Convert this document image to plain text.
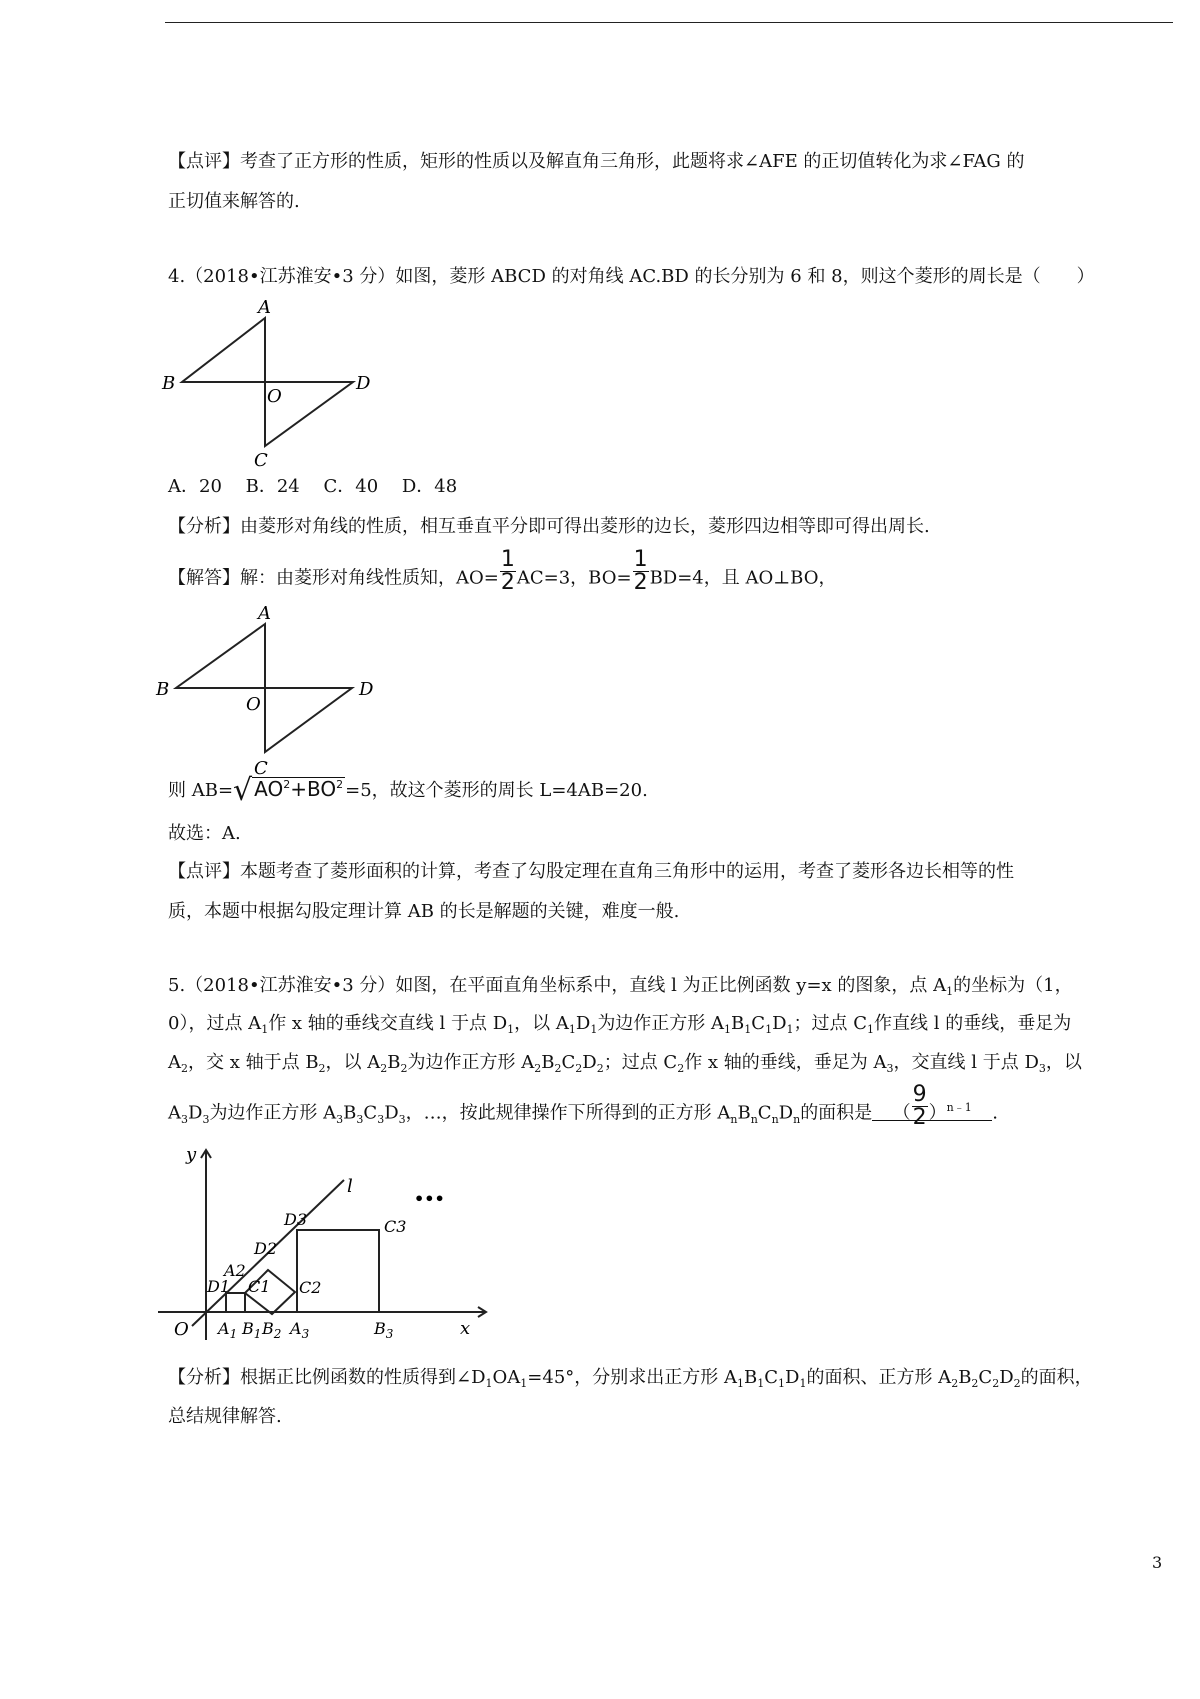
【点评】考查了正方形的性质，矩形的性质以及解直角三角形，此题将求∠AFE 的正切值转化为求∠FAG 的
正切值来解答的.
4.（2018•江苏淮安•3 分）如图，菱形 ABCD 的对角线 AC.BD 的长分别为 6 和 8，则这个菱形的周长是（　　）
A
B	D
O
C
A．20　 B．24　 C．40　 D．48
【分析】由菱形对角线的性质，相互垂直平分即可得出菱形的边长，菱形四边相等即可得出周长.
【解答】解：由菱形对角线性质知，$AO= \frac{1}{2} AC=3$，$BO= \frac{1}{2} BD=4$，且 AO⊥BO，
A
B	D
O
C
则 AB=√ $AO^2+BO^2 =5$，故这个菱形的周长 L=4AB=20.
故选：A.
【点评】本题考查了菱形面积的计算，考查了勾股定理在直角三角形中的运用，考查了菱形各边长相等的性
质，本题中根据勾股定理计算 AB 的长是解题的关键，难度一般.
5.（2018•江苏淮安•3 分）如图，在平面直角坐标系中，直线 l 为正比例函数 y=x 的图象，点 $A_1$的坐标为（1，
0），过点 $A_1$作 x 轴的垂线交直线 l 于点 $D_1$，以 $A_1D_1$为边作正方形 $A_1B_1C_1D_1$；过点 $C_1$作直线 l 的垂线，垂足为
$A_2$，交 x 轴于点 $B_2$，以 $A_2B_2$为边作正方形 $A_2B_2C_2D_2$；过点 $C_2$作 x 轴的垂线，垂足为 $A_3$，交直线 l 于点 $D_3$，以
$A_3D_3$为边作正方形 $A_3B_3C_3D_3$，…，按此规律操作下所得到的正方形 $A_nB_nC_nD_n$的面积是 （ $\frac{9}{2} )^{n﹣1}$ .
y
x
O
l
•••
D1
A2
C1
D2
C2
D3	C3
$A_1$ $B_1$ $B_2$ $A_3$	$B_3$
【分析】根据正比例函数的性质得到$\angle D_1OA_1=45^\circ$，分别求出正方形 $A_1B_1C_1D_1$的面积、正方形 $A_2B_2C_2D_2$的面积，
总结规律解答.
3
